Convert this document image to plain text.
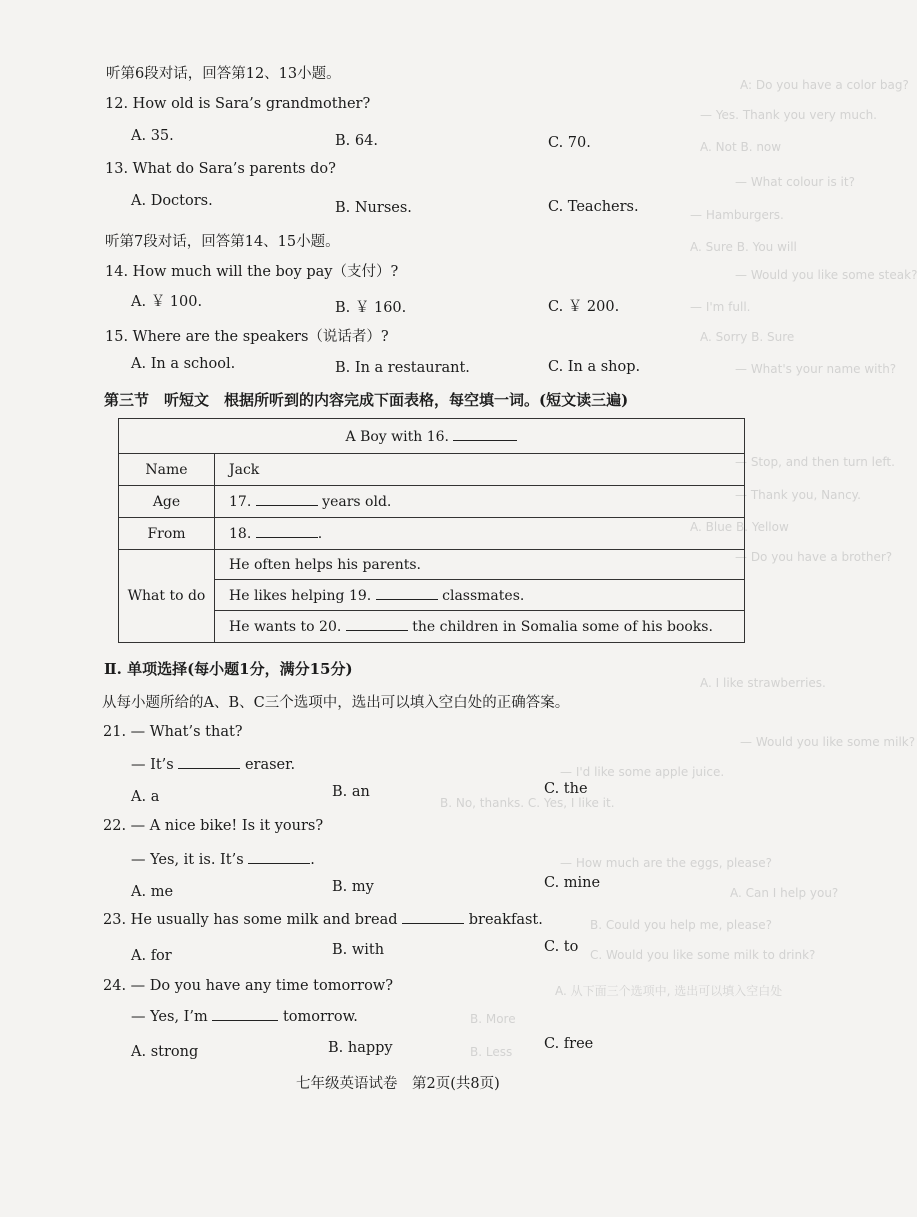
A: Do you have a color bag?
— Yes. Thank you very much.
A. Not B. now
— What colour is it?
— Hamburgers.
A. Sure B. You will
— Would you like some steak?
— I'm full.
A. Sorry B. Sure
— What's your name with?
— Stop, and then turn left.
— Thank you, Nancy.
A. Blue B. Yellow
— Do you have a brother?
A. I like strawberries.
— Would you like some milk?
— I'd like some apple juice.
B. No, thanks. C. Yes, I like it.
— How much are the eggs, please?
A. Can I help you?
B. Could you help me, please?
C. Would you like some milk to drink?
A. 从下面三个选项中, 选出可以填入空白处
B. More
B. Less
听第6段对话，回答第12、13小题。
12. How old is Sara’s grandmother?
A. 35.	B. 64.	C. 70.
13. What do Sara’s parents do?
A. Doctors.	B. Nurses.	C. Teachers.
听第7段对话，回答第14、15小题。
14. How much will the boy pay（支付）?
A. ￥ 100.	B. ￥ 160.	C. ￥ 200.
15. Where are the speakers（说话者）?
A. In a school.	B. In a restaurant.	C. In a shop.
第三节　听短文　根据所听到的内容完成下面表格，每空填一词。(短文读三遍)
A Boy with 16.	
Name	Jack
Age	17. years old.
From	18. .
What to do	He often helps his parents.
	He likes helping 19. classmates.
	He wants to 20. the children in Somalia some of his books.
Ⅱ. 单项选择(每小题1分，满分15分)
从每小题所给的A、B、C三个选项中，选出可以填入空白处的正确答案。
21. — What’s that?
— It’s	eraser.
A. a	B. an	C. the
22. — A nice bike! Is it yours?
— Yes, it is. It’s	.
A. me	B. my	C. mine
23. He usually has some milk and bread	breakfast.
A. for	B. with	C. to
24. — Do you have any time tomorrow?
— Yes, I’m	tomorrow.
A. strong	B. happy	C. free
七年级英语试卷　第2页(共8页)
